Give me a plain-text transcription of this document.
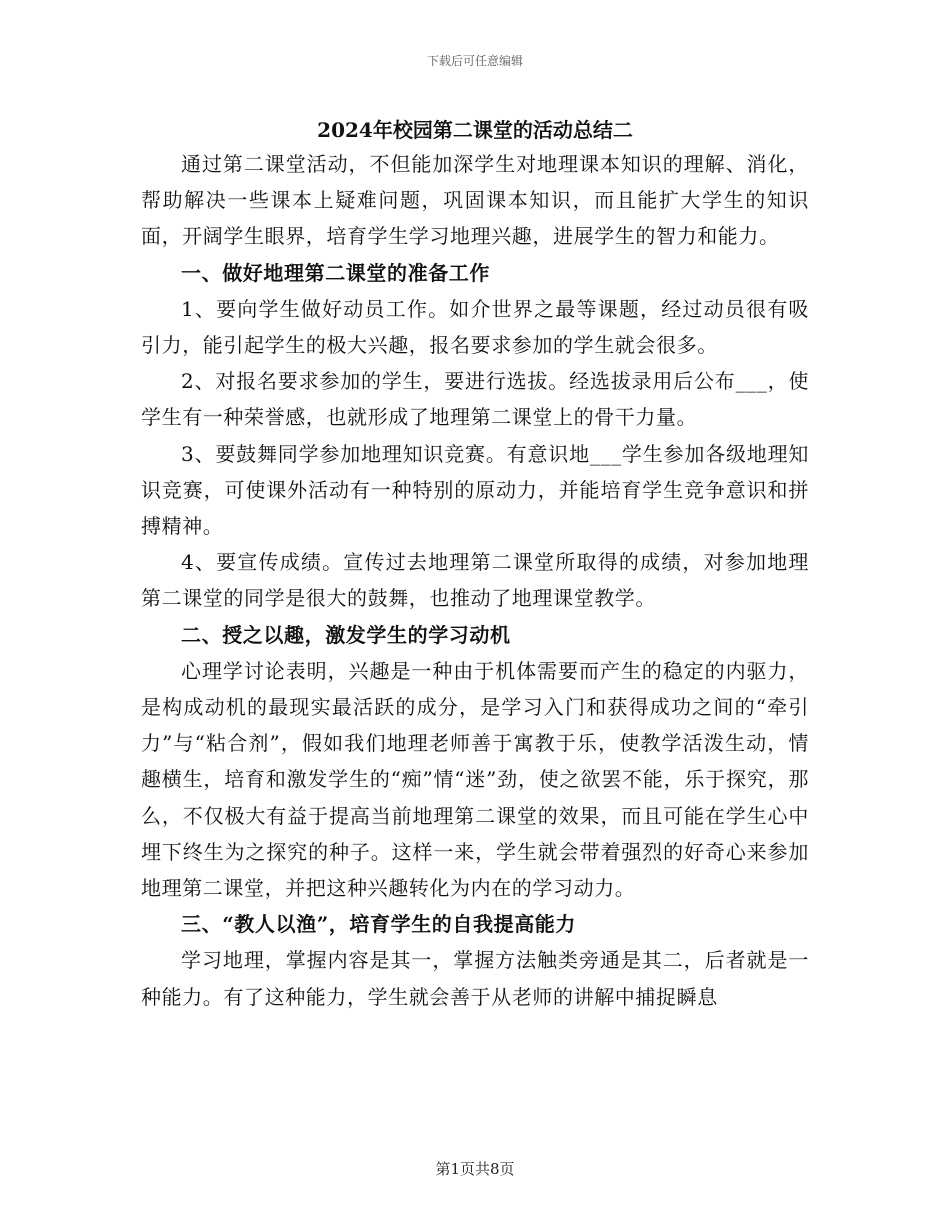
下载后可任意编辑
2024年校园第二课堂的活动总结二

通过第二课堂活动，不但能加深学生对地理课本知识的理解、消化，帮助解决一些课本上疑难问题，巩固课本知识，而且能扩大学生的知识面，开阔学生眼界，培育学生学习地理兴趣，进展学生的智力和能力。

一、做好地理第二课堂的准备工作

1、要向学生做好动员工作。如介世界之最等课题，经过动员很有吸引力，能引起学生的极大兴趣，报名要求参加的学生就会很多。

2、对报名要求参加的学生，要进行选拔。经选拔录用后公布___，使学生有一种荣誉感，也就形成了地理第二课堂上的骨干力量。

3、要鼓舞同学参加地理知识竞赛。有意识地___学生参加各级地理知识竞赛，可使课外活动有一种特别的原动力，并能培育学生竞争意识和拼搏精神。

4、要宣传成绩。宣传过去地理第二课堂所取得的成绩，对参加地理第二课堂的同学是很大的鼓舞，也推动了地理课堂教学。

二、授之以趣，激发学生的学习动机

心理学讨论表明，兴趣是一种由于机体需要而产生的稳定的内驱力，是构成动机的最现实最活跃的成分，是学习入门和获得成功之间的“牵引力”与“粘合剂”，假如我们地理老师善于寓教于乐，使教学活泼生动，情趣横生，培育和激发学生的“痴”情“迷”劲，使之欲罢不能，乐于探究，那么，不仅极大有益于提高当前地理第二课堂的效果，而且可能在学生心中埋下终生为之探究的种子。这样一来，学生就会带着强烈的好奇心来参加地理第二课堂，并把这种兴趣转化为内在的学习动力。

三、“教人以渔”，培育学生的自我提高能力

学习地理，掌握内容是其一，掌握方法触类旁通是其二，后者就是一种能力。有了这种能力，学生就会善于从老师的讲解中捕捉瞬息

第1页共8页
